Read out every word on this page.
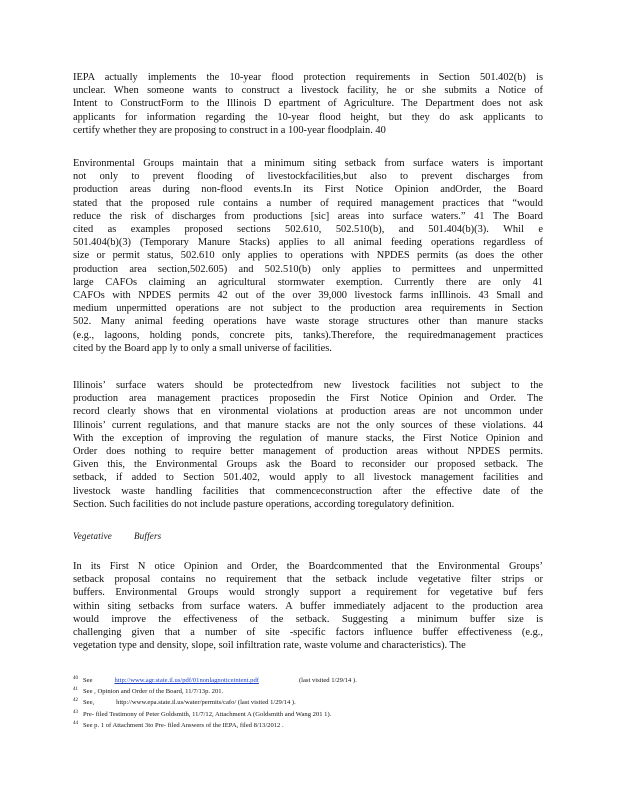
IEPA actually implements the 10-year flood protection requirements in Section 501.402(b) is
unclear. When someone wants to construct a livestock facility, he or she submits a Notice of
Intent to ConstructForm to the Illinois D epartment of Agriculture. The Department does not ask
applicants for information regarding the 10-year flood height, but they do ask applicants to
certify whether they are proposing to construct in a 100-year floodplain. 40
Environmental Groups maintain that a minimum siting setback from surface waters is important
not only to prevent flooding of livestockfacilities,but also to prevent discharges from
production areas during non-flood events.In its First Notice Opinion andOrder, the Board
stated that the proposed rule contains a number of required management practices that “would
reduce the risk of discharges from productions [sic] areas into surface waters.” 41 The Board
cited as examples proposed sections 502.610, 502.510(b), and 501.404(b)(3). Whil e
501.404(b)(3) (Temporary Manure Stacks) applies to all animal feeding operations regardless of
size or permit status, 502.610 only applies to operations with NPDES permits (as does the other
production area section,502.605) and 502.510(b) only applies to permittees and unpermitted
large CAFOs claiming an agricultural stormwater exemption. Currently there are only 41
CAFOs with NPDES permits 42 out of the over 39,000 livestock farms inIllinois. 43 Small and
medium unpermitted operations are not subject to the production area requirements in Section
502. Many animal feeding operations have waste storage structures other than manure stacks
(e.g., lagoons, holding ponds, concrete pits, tanks).Therefore, the requiredmanagement practices
cited by the Board app ly to only a small universe of facilities.
Illinois’ surface waters should be protectedfrom new livestock facilities not subject to the
production area management practices proposedin the First Notice Opinion and Order. The
record clearly shows that en vironmental violations at production areas are not uncommon under
Illinois’ current regulations, and that manure stacks are not the only sources of these violations. 44
With the exception of improving the regulation of manure stacks, the First Notice Opinion and
Order does nothing to require better management of production areas without NPDES permits.
Given this, the Environmental Groups ask the Board to reconsider our proposed setback. The
setback, if added to Section 501.402, would apply to all livestock management facilities and
livestock waste handling facilities that commenceconstruction after the effective date of the
Section. Such facilities do not include pasture operations, according toregulatory definition.
Vegetative Buffers
In its First N otice Opinion and Order, the Boardcommented that the Environmental Groups’
setback proposal contains no requirement that the setback include vegetative filter strips or
buffers. Environmental Groups would strongly support a requirement for vegetative buf fers
within siting setbacks from surface waters. A buffer immediately adjacent to the production area
would improve the effectiveness of the setback. Suggesting a minimum buffer size is
challenging given that a number of site -specific factors influence buffer effectiveness (e.g.,
vegetation type and density, slope, soil infiltration rate, waste volume and characteristics). The
40 See	http://www.agr.state.il.us/pdf/01nonlagnoticeintent.pdf	(last visited 1/29/14 ).
41 See , Opinion and Order of the Board, 11/7/13p. 201.
42 See,	http://www.epa.state.il.us/water/permits/cafo/ (last visited 1/29/14 ).
43 Pre- filed Testimony of Peter Goldsmith, 11/7/12, Attachment A (Goldsmith and Wang 201 1).
44 See p. 1 of Attachment 3to Pre- filed Answers of the IEPA, filed 8/13/2012 .
